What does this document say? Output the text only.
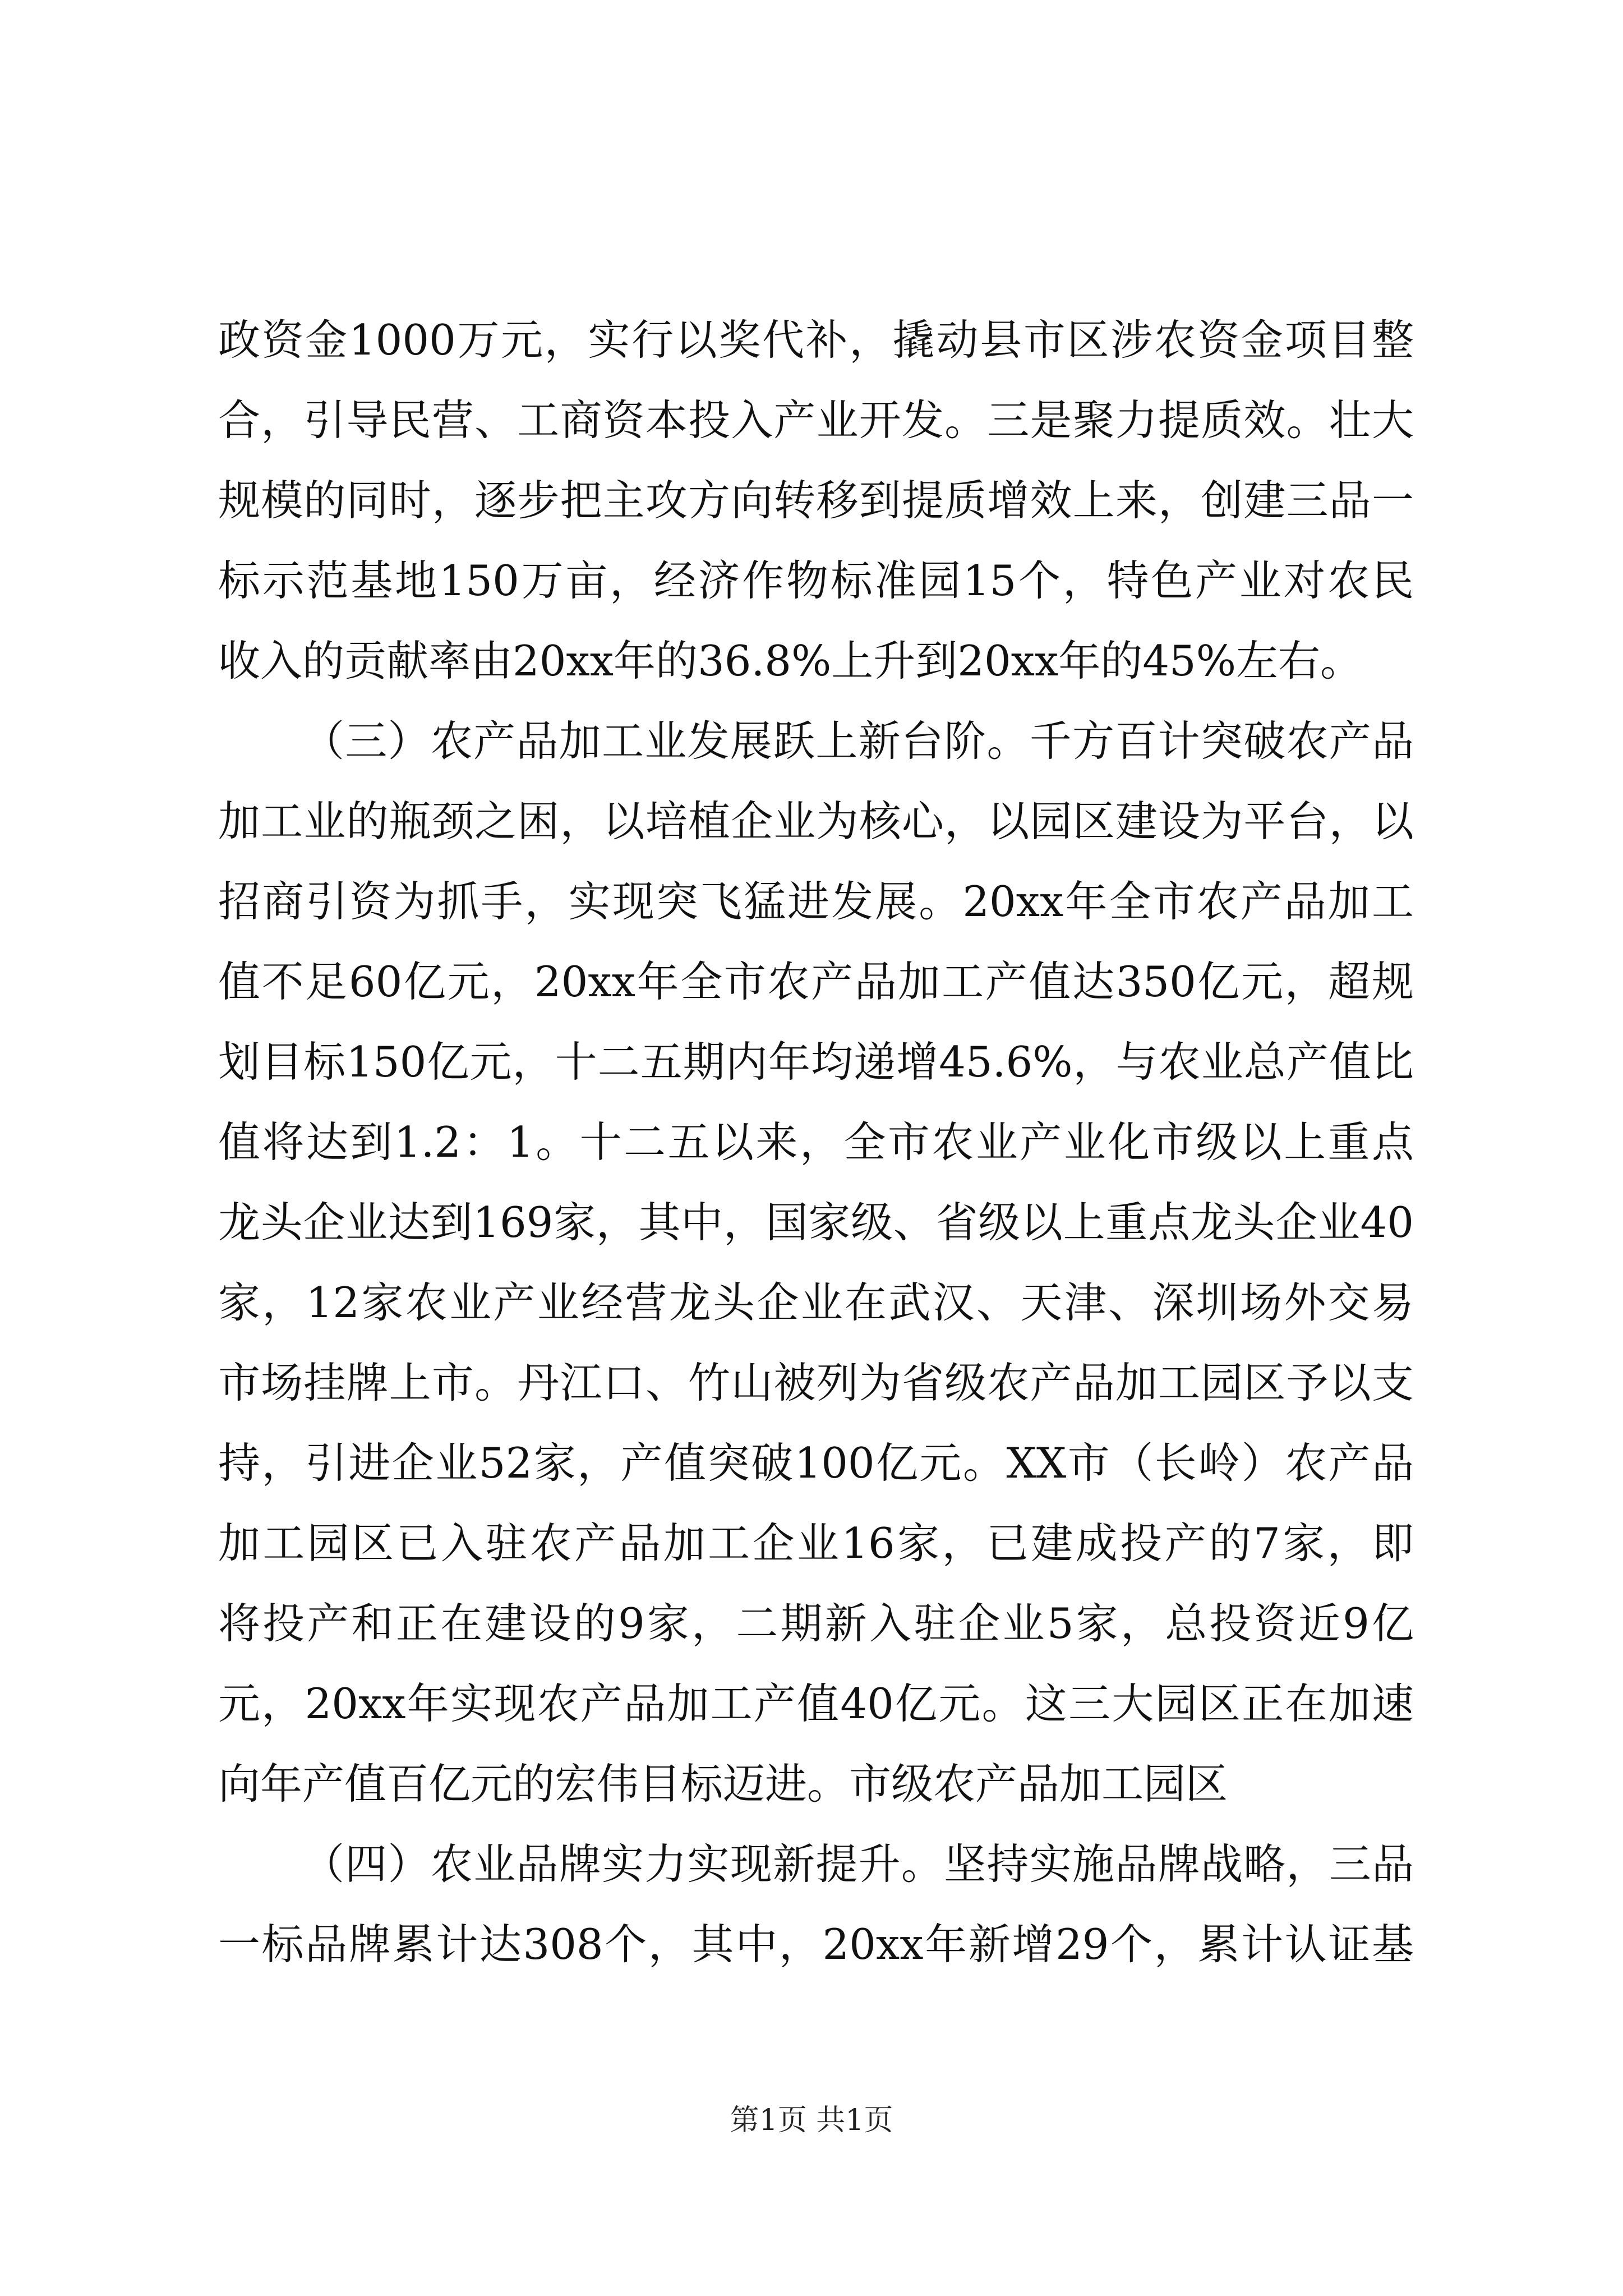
政资金1000万元，实行以奖代补，撬动县市区涉农资金项目整
合，引导民营、工商资本投入产业开发。三是聚力提质效。壮大
规模的同时，逐步把主攻方向转移到提质增效上来，创建三品一
标示范基地150万亩，经济作物标准园15个，特色产业对农民
收入的贡献率由20xx年的36.8%上升到20xx年的45%左右。
（三）农产品加工业发展跃上新台阶。千方百计突破农产品
加工业的瓶颈之困，以培植企业为核心，以园区建设为平台，以
招商引资为抓手，实现突飞猛进发展。20xx年全市农产品加工
值不足60亿元，20xx年全市农产品加工产值达350亿元，超规
划目标150亿元，十二五期内年均递增45.6%，与农业总产值比
值将达到1.2：1。十二五以来，全市农业产业化市级以上重点
龙头企业达到169家，其中，国家级、省级以上重点龙头企业40
家，12家农业产业经营龙头企业在武汉、天津、深圳场外交易
市场挂牌上市。丹江口、竹山被列为省级农产品加工园区予以支
持，引进企业52家，产值突破100亿元。XX市（长岭）农产品
加工园区已入驻农产品加工企业16家，已建成投产的7家，即
将投产和正在建设的9家，二期新入驻企业5家，总投资近9亿
元，20xx年实现农产品加工产值40亿元。这三大园区正在加速
向年产值百亿元的宏伟目标迈进。市级农产品加工园区
（四）农业品牌实力实现新提升。坚持实施品牌战略，三品
一标品牌累计达308个，其中，20xx年新增29个，累计认证基
第1页 共1页
